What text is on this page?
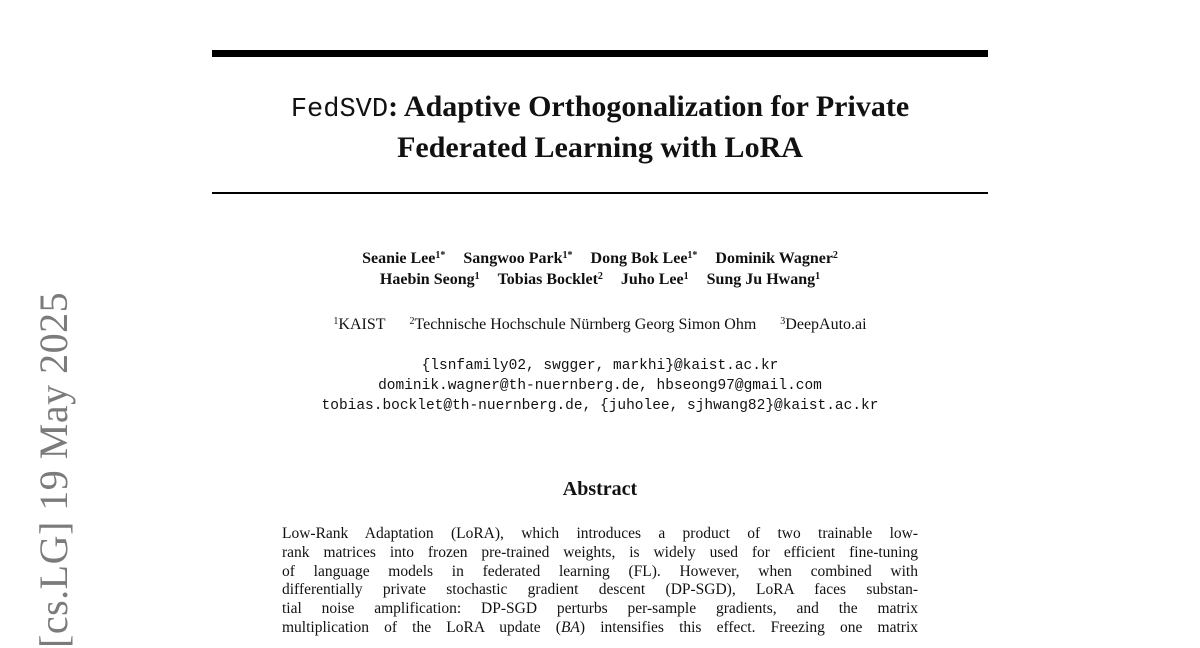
[cs.LG] 19 May 2025
FedSVD: Adaptive Orthogonalization for Private
Federated Learning with LoRA
Seanie Lee$^{1*}$ Sangwoo Park$^{1*}$ Dong Bok Lee$^{1*}$ Dominik Wagner$^2$
Haebin Seong$^1$ Tobias Bocklet$^2$ Juho Lee$^1$ Sung Ju Hwang$^1$
$^1$KAIST $^2$Technische Hochschule Nürnberg Georg Simon Ohm $^3$DeepAuto.ai
{lsnfamily02, swgger, markhi}@kaist.ac.kr
dominik.wagner@th-nuernberg.de, hbseong97@gmail.com
tobias.bocklet@th-nuernberg.de, {juholee, sjhwang82}@kaist.ac.kr
Abstract
Low-Rank Adaptation (LoRA), which introduces a product of two trainable low-
rank matrices into frozen pre-trained weights, is widely used for efficient fine-tuning
of language models in federated learning (FL). However, when combined with
differentially private stochastic gradient descent (DP-SGD), LoRA faces substan-
tial noise amplification: DP-SGD perturbs per-sample gradients, and the matrix
multiplication of the LoRA update (BA) intensifies this effect. Freezing one matrix
